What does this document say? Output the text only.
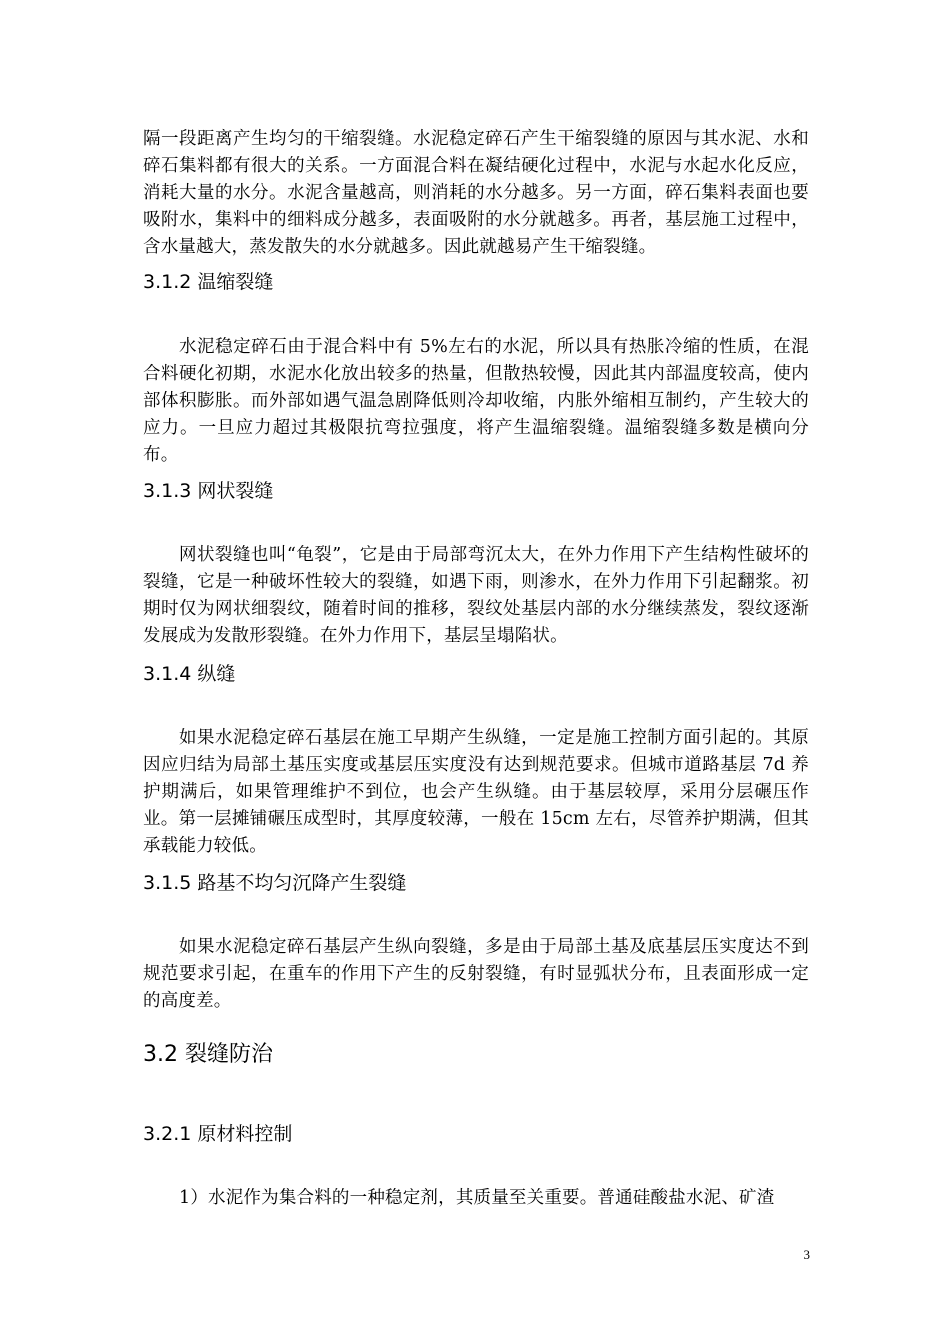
隔一段距离产生均匀的干缩裂缝。水泥稳定碎石产生干缩裂缝的原因与其水泥、水和碎石集料都有很大的关系。一方面混合料在凝结硬化过程中，水泥与水起水化反应，消耗大量的水分。水泥含量越高，则消耗的水分越多。另一方面，碎石集料表面也要吸附水，集料中的细料成分越多，表面吸附的水分就越多。再者，基层施工过程中，含水量越大，蒸发散失的水分就越多。因此就越易产生干缩裂缝。

3.1.2 温缩裂缝

水泥稳定碎石由于混合料中有 5%左右的水泥，所以具有热胀冷缩的性质，在混合料硬化初期，水泥水化放出较多的热量，但散热较慢，因此其内部温度较高，使内部体积膨胀。而外部如遇气温急剧降低则冷却收缩，内胀外缩相互制约，产生较大的应力。一旦应力超过其极限抗弯拉强度，将产生温缩裂缝。温缩裂缝多数是横向分布。

3.1.3 网状裂缝

网状裂缝也叫“龟裂”，它是由于局部弯沉太大，在外力作用下产生结构性破坏的裂缝，它是一种破坏性较大的裂缝，如遇下雨，则渗水，在外力作用下引起翻浆。初期时仅为网状细裂纹，随着时间的推移，裂纹处基层内部的水分继续蒸发，裂纹逐渐发展成为发散形裂缝。在外力作用下，基层呈塌陷状。

3.1.4 纵缝

如果水泥稳定碎石基层在施工早期产生纵缝，一定是施工控制方面引起的。其原因应归结为局部土基压实度或基层压实度没有达到规范要求。但城市道路基层 7d 养护期满后，如果管理维护不到位，也会产生纵缝。由于基层较厚，采用分层碾压作业。第一层摊铺碾压成型时，其厚度较薄，一般在 15cm 左右，尽管养护期满，但其承载能力较低。

3.1.5 路基不均匀沉降产生裂缝

如果水泥稳定碎石基层产生纵向裂缝，多是由于局部土基及底基层压实度达不到规范要求引起，在重车的作用下产生的反射裂缝，有时显弧状分布，且表面形成一定的高度差。

3.2 裂缝防治
3.2.1 原材料控制

1）水泥作为集合料的一种稳定剂，其质量至关重要。普通硅酸盐水泥、矿渣

3
